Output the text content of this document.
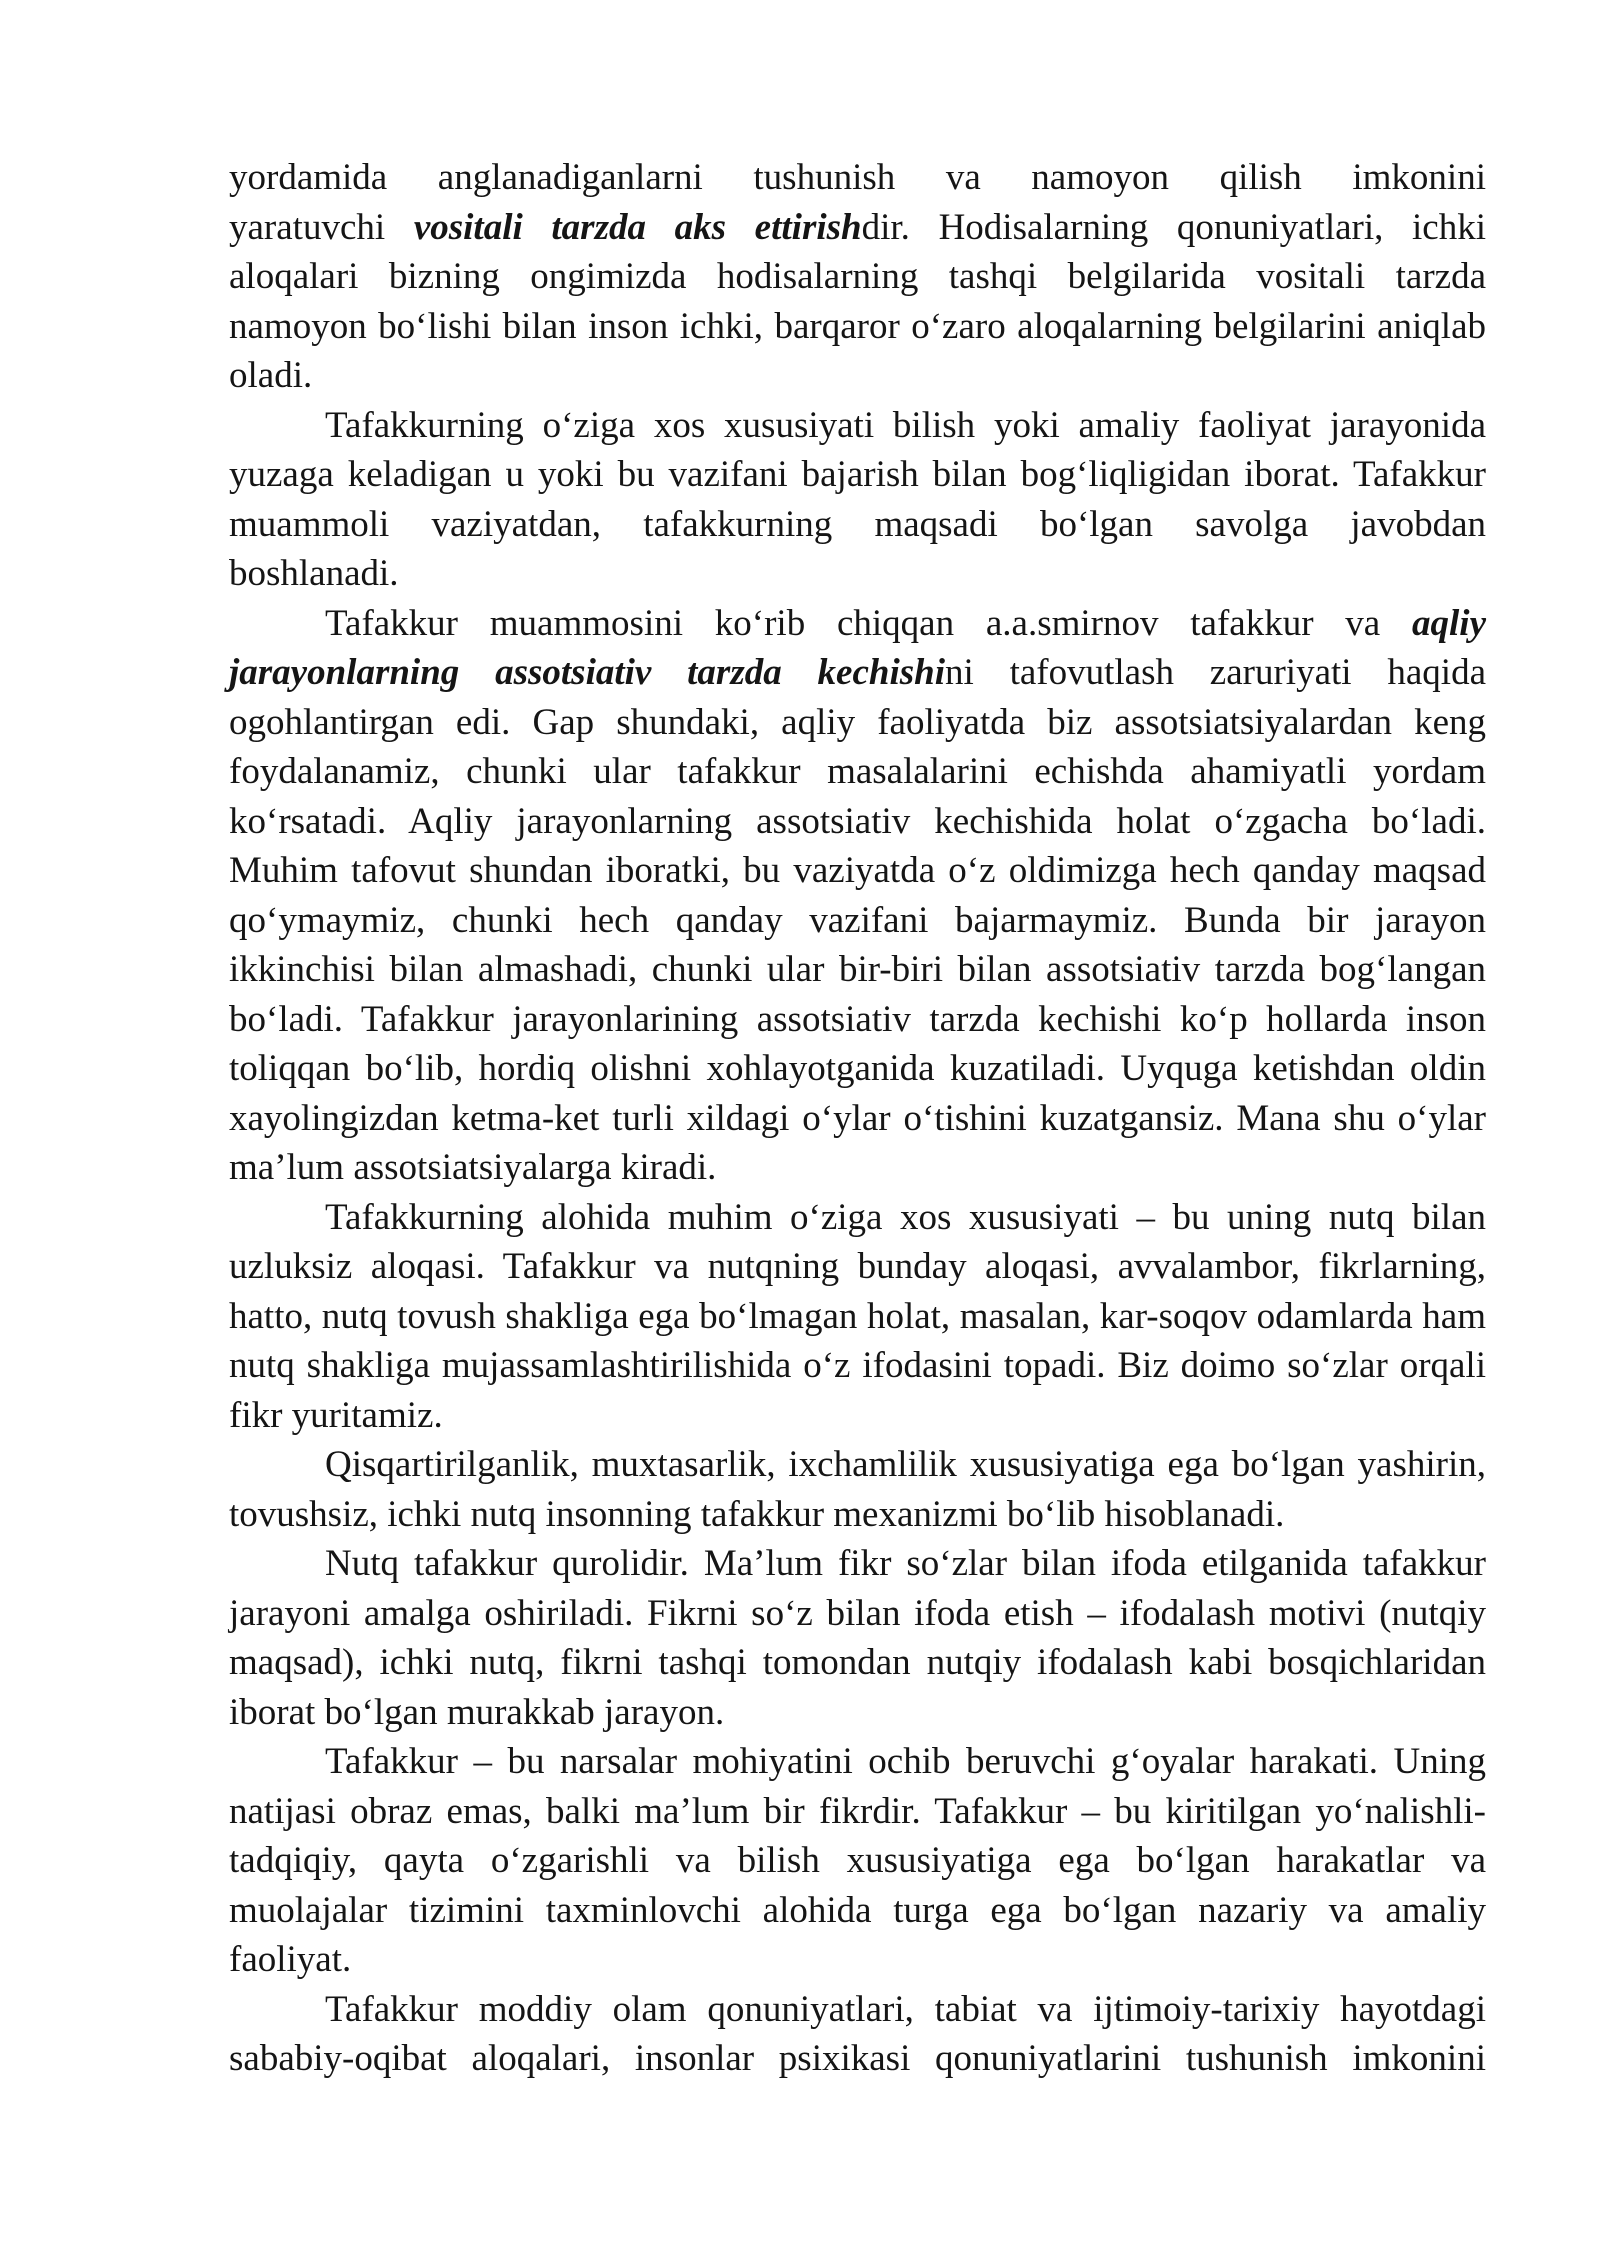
yordamida anglanadiganlarni tushunish va namoyon qilish imkonini
yaratuvchi vositali tarzda aks ettirishdir. Hodisalarning qonuniyatlari, ichki
aloqalari bizning ongimizda hodisalarning tashqi belgilarida vositali tarzda
namoyon bo‘lishi bilan inson ichki, barqaror o‘zaro aloqalarning belgilarini aniqlab
oladi.
Tafakkurning o‘ziga xos xususiyati bilish yoki amaliy faoliyat jarayonida
yuzaga keladigan u yoki bu vazifani bajarish bilan bog‘liqligidan iborat. Tafakkur
muammoli vaziyatdan, tafakkurning maqsadi bo‘lgan savolga javobdan
boshlanadi.
Tafakkur muammosini ko‘rib chiqqan a.a.smirnov tafakkur va aqliy
jarayonlarning assotsiativ tarzda kechishini tafovutlash zaruriyati haqida
ogohlantirgan edi. Gap shundaki, aqliy faoliyatda biz assotsiatsiyalardan keng
foydalanamiz, chunki ular tafakkur masalalarini echishda ahamiyatli yordam
ko‘rsatadi. Aqliy jarayonlarning assotsiativ kechishida holat o‘zgacha bo‘ladi.
Muhim tafovut shundan iboratki, bu vaziyatda o‘z oldimizga hech qanday maqsad
qo‘ymaymiz, chunki hech qanday vazifani bajarmaymiz. Bunda bir jarayon
ikkinchisi bilan almashadi, chunki ular bir-biri bilan assotsiativ tarzda bog‘langan
bo‘ladi. Tafakkur jarayonlarining assotsiativ tarzda kechishi ko‘p hollarda inson
toliqqan bo‘lib, hordiq olishni xohlayotganida kuzatiladi. Uyquga ketishdan oldin
xayolingizdan ketma-ket turli xildagi o‘ylar o‘tishini kuzatgansiz. Mana shu o‘ylar
ma’lum assotsiatsiyalarga kiradi.
Tafakkurning alohida muhim o‘ziga xos xususiyati – bu uning nutq bilan
uzluksiz aloqasi. Tafakkur va nutqning bunday aloqasi, avvalambor, fikrlarning,
hatto, nutq tovush shakliga ega bo‘lmagan holat, masalan, kar-soqov odamlarda ham
nutq shakliga mujassamlashtirilishida o‘z ifodasini topadi. Biz doimo so‘zlar orqali
fikr yuritamiz.
Qisqartirilganlik, muxtasarlik, ixchamlilik xususiyatiga ega bo‘lgan yashirin,
tovushsiz, ichki nutq insonning tafakkur mexanizmi bo‘lib hisoblanadi.
Nutq tafakkur qurolidir. Ma’lum fikr so‘zlar bilan ifoda etilganida tafakkur
jarayoni amalga oshiriladi. Fikrni so‘z bilan ifoda etish – ifodalash motivi (nutqiy
maqsad), ichki nutq, fikrni tashqi tomondan nutqiy ifodalash kabi bosqichlaridan
iborat bo‘lgan murakkab jarayon.
Tafakkur – bu narsalar mohiyatini ochib beruvchi g‘oyalar harakati. Uning
natijasi obraz emas, balki ma’lum bir fikrdir. Tafakkur – bu kiritilgan yo‘nalishli-
tadqiqiy, qayta o‘zgarishli va bilish xususiyatiga ega bo‘lgan harakatlar va
muolajalar tizimini taxminlovchi alohida turga ega bo‘lgan nazariy va amaliy
faoliyat.
Tafakkur moddiy olam qonuniyatlari, tabiat va ijtimoiy-tarixiy hayotdagi
sababiy-oqibat aloqalari, insonlar psixikasi qonuniyatlarini tushunish imkonini
